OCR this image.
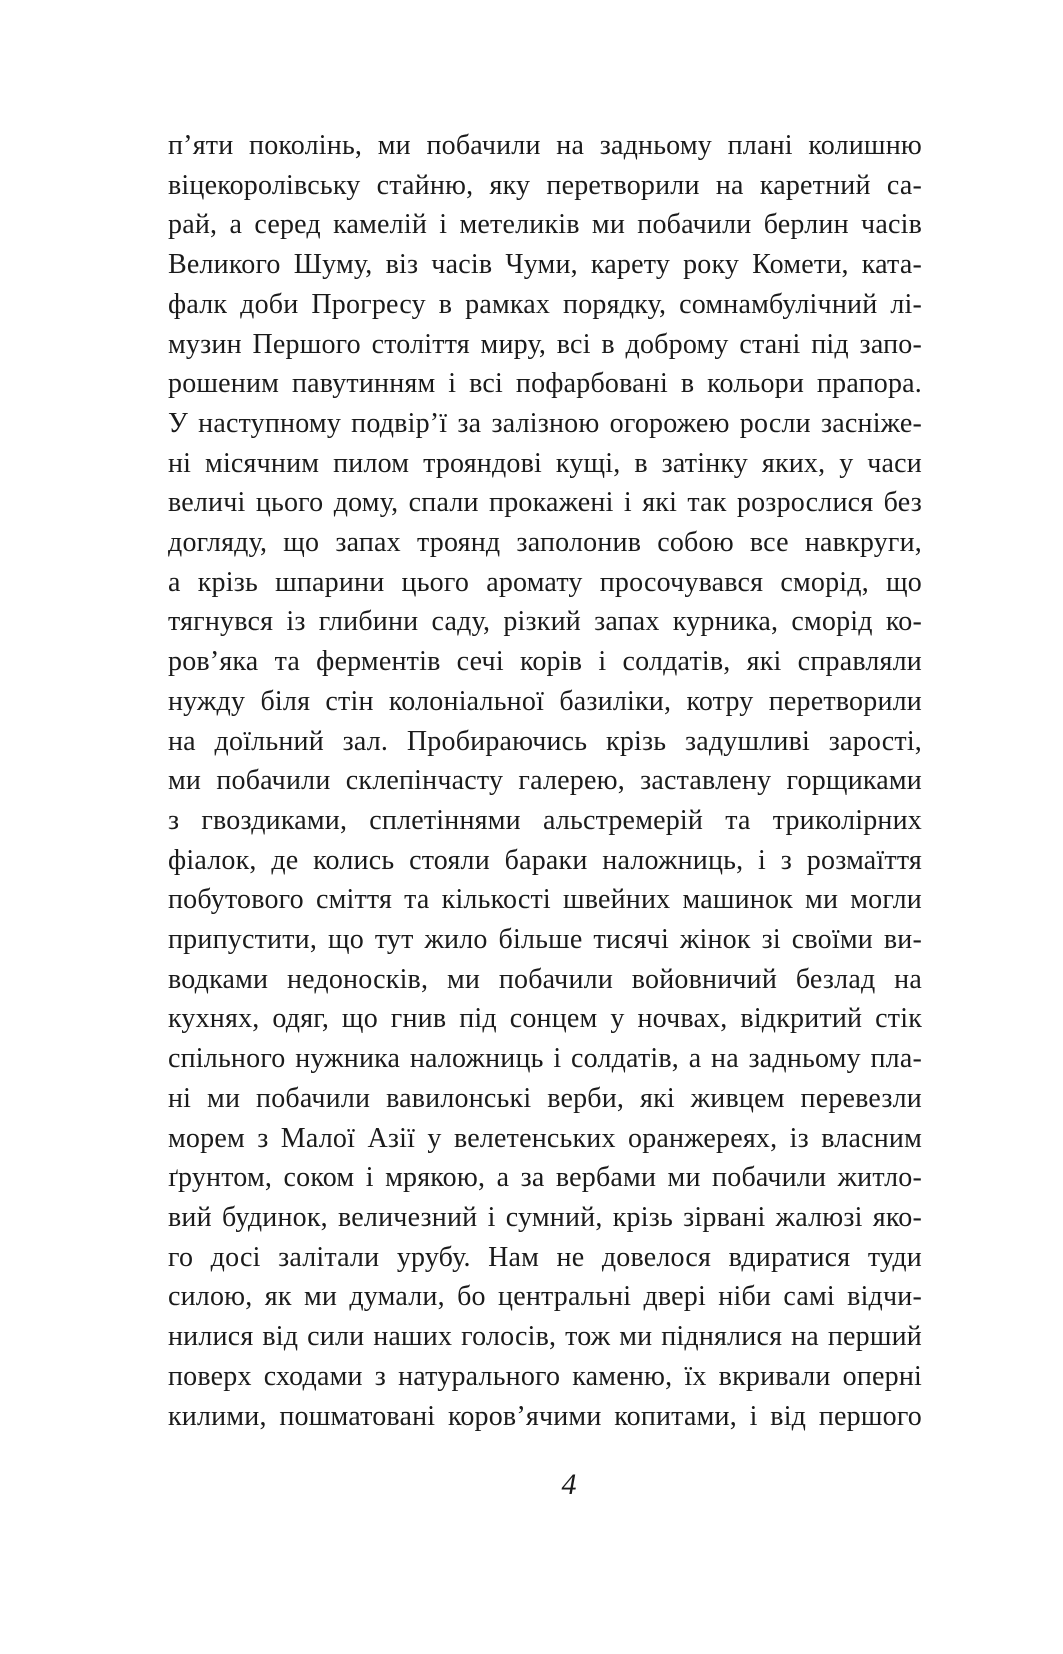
п’яти поколінь, ми побачили на задньому плані колишню
віцекоролівську стайню, яку перетворили на каретний са-
рай, а серед камелій і метеликів ми побачили берлин часів
Великого Шуму, віз часів Чуми, карету року Комети, ката-
фалк доби Прогресу в рамках порядку, сомнамбулічний лі-
музин Першого століття миру, всі в доброму стані під запо-
рошеним павутинням і всі пофарбовані в кольори прапора.
У наступному подвір’ї за залізною огорожею росли засніже-
ні місячним пилом трояндові кущі, в затінку яких, у часи
величі цього дому, спали прокажені і які так розрослися без
догляду, що запах троянд заполонив собою все навкруги,
а крізь шпарини цього аромату просочувався сморід, що
тягнувся із глибини саду, різкий запах курника, сморід ко-
ров’яка та ферментів сечі корів і солдатів, які справляли
нужду біля стін колоніальної базиліки, котру перетворили
на доїльний зал. Пробираючись крізь задушливі зарості,
ми побачили склепінчасту галерею, заставлену горщиками
з гвоздиками, сплетіннями альстремерій та триколірних
фіалок, де колись стояли бараки наложниць, і з розмаїття
побутового сміття та кількості швейних машинок ми могли
припустити, що тут жило більше тисячі жінок зі своїми ви-
водками недоносків, ми побачили войовничий безлад на
кухнях, одяг, що гнив під сонцем у ночвах, відкритий стік
спільного нужника наложниць і солдатів, а на задньому пла-
ні ми побачили вавилонські верби, які живцем перевезли
морем з Малої Азії у велетенських оранжереях, із власним
ґрунтом, соком і мрякою, а за вербами ми побачили житло-
вий будинок, величезний і сумний, крізь зірвані жалюзі яко-
го досі залітали урубу. Нам не довелося вдиратися туди
силою, як ми думали, бо центральні двері ніби самі відчи-
нилися від сили наших голосів, тож ми піднялися на перший
поверх сходами з натурального каменю, їх вкривали оперні
килими, пошматовані коров’ячими копитами, і від першого
4
